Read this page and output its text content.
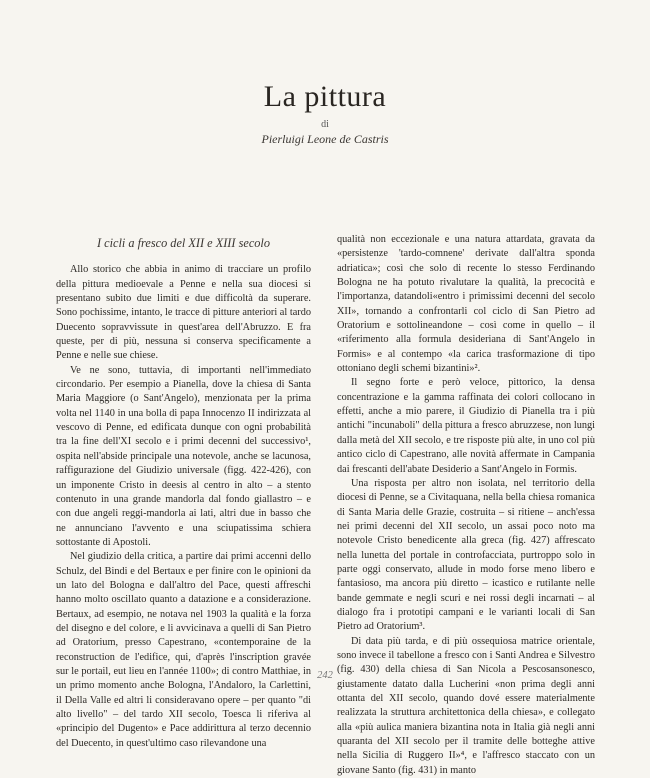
La pittura
di
Pierluigi Leone de Castris
I cicli a fresco del XII e XIII secolo

Allo storico che abbia in animo di tracciare un profilo della pittura medioevale a Penne e nella sua diocesi si presentano subito due limiti e due difficoltà da superare. Sono pochissime, intanto, le tracce di pitture anteriori al tardo Duecento sopravvissute in quest'area dell'Abruzzo. E fra queste, per di più, nessuna si conserva specificamente a Penne e nelle sue chiese.

Ve ne sono, tuttavia, di importanti nell'immediato circondario. Per esempio a Pianella, dove la chiesa di Santa Maria Maggiore (o Sant'Angelo), menzionata per la prima volta nel 1140 in una bolla di papa Innocenzo II indirizzata al vescovo di Penne, ed edificata dunque con ogni probabilità tra la fine dell'XI secolo e i primi decenni del successivo¹, ospita nell'abside principale una notevole, anche se lacunosa, raffigurazione del Giudizio universale (figg. 422-426), con un imponente Cristo in deesis al centro in alto – a stento contenuto in una grande mandorla dal fondo giallastro – e con due angeli reggi-mandorla ai lati, altri due in basso che ne annunciano l'avvento e una sciupatissima schiera sottostante di Apostoli.

Nel giudizio della critica, a partire dai primi accenni dello Schulz, del Bindi e del Bertaux e per finire con le opinioni da un lato del Bologna e dall'altro del Pace, questi affreschi hanno molto oscillato quanto a datazione e a considerazione. Bertaux, ad esempio, ne notava nel 1903 la qualità e la forza del disegno e del colore, e li avvicinava a quelli di San Pietro ad Oratorium, presso Capestrano, «contemporaine de la reconstruction de l'edifice, qui, d'après l'inscription gravée sur le portail, eut lieu en l'année 1100»; di contro Matthiae, in un primo momento anche Bologna, l'Andaloro, la Carlettini, il Della Valle ed altri li consideravano opere – per quanto "di alto livello" – del tardo XII secolo, Toesca li riferiva al «principio del Dugento» e Pace addirittura al terzo decennio del Duecento, in quest'ultimo caso rilevandone una

qualità non eccezionale e una natura attardata, gravata da «persistenze 'tardo-comnene' derivate dall'altra sponda adriatica»; così che solo di recente lo stesso Ferdinando Bologna ne ha potuto rivalutare la qualità, la precocità e l'importanza, datandoli«entro i primissimi decenni del secolo XII», tornando a confrontarli col ciclo di San Pietro ad Oratorium e sottolineandone – così come in quello – il «riferimento alla formula desideriana di Sant'Angelo in Formis» e al contempo «la carica trasformazione di tipo ottoniano degli schemi bizantini»².

Il segno forte e però veloce, pittorico, la densa concentrazione e la gamma raffinata dei colori collocano in effetti, anche a mio parere, il Giudizio di Pianella tra i più antichi "incunaboli" della pittura a fresco abruzzese, non lungi dalla metà del XII secolo, e tre risposte più alte, in uno col più antico ciclo di Capestrano, alle novità affermate in Campania dai frescanti dell'abate Desiderio a Sant'Angelo in Formis.

Una risposta per altro non isolata, nel territorio della diocesi di Penne, se a Civitaquana, nella bella chiesa romanica di Santa Maria delle Grazie, costruita – si ritiene – anch'essa nei primi decenni del XII secolo, un assai poco noto ma notevole Cristo benedicente alla greca (fig. 427) affrescato nella lunetta del portale in controfacciata, purtroppo solo in parte oggi conservato, allude in modo forse meno libero e fantasioso, ma ancora più diretto – icastico e rutilante nelle bande gemmate e negli scuri e nei rossi degli incarnati – al dialogo fra i prototipi campani e le varianti locali di San Pietro ad Oratorium³.

Di data più tarda, e di più ossequiosa matrice orientale, sono invece il tabellone a fresco con i Santi Andrea e Silvestro (fig. 430) della chiesa di San Nicola a Pescosansonesco, giustamente datato dalla Lucherini «non prima degli anni ottanta del XII secolo, quando dové essere materialmente realizzata la struttura architettonica della chiesa», e collegato alla «più aulica maniera bizantina nota in Italia già negli anni quaranta del XII secolo per il tramite delle botteghe attive nella Sicilia di Ruggero II»⁴, e l'affresco staccato con un giovane Santo (fig. 431) in manto

242
